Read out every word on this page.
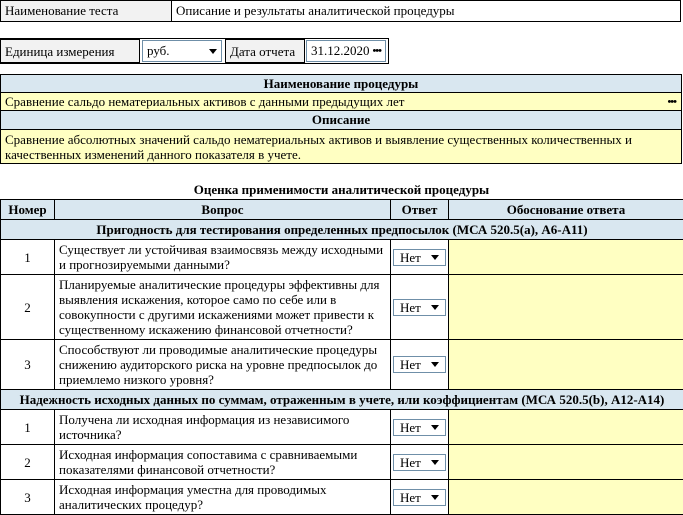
Наименование теста	Описание и результаты аналитической процедуры
Единица измерения	руб.	Дата отчета	31.12.2020 •••
Наименование процедуры
Сравнение сальдо нематериальных активов с данными предыдущих лет	•••
Описание
Сравнение абсолютных значений сальдо нематериальных активов и выявление существенных количественных и качественных изменений данного показателя в учете.
Оценка применимости аналитической процедуры
Номер	Вопрос	Ответ	Обоснование ответа
Пригодность для тестирования определенных предпосылок (МСА 520.5(a), А6-А11)			
1	Существует ли устойчивая взаимосвязь между исходными и прогнозируемыми данными?	Нет	

2	Планируемые аналитические процедуры эффективны для выявления искажения, которое само по себе или в совокупности с другими искажениями может привести к существенному искажению финансовой отчетности?	Нет	

3	Способствуют ли проводимые аналитические процедуры снижению аудиторского риска на уровне предпосылок до приемлемо низкого уровня?	Нет	

Надежность исходных данных по суммам, отраженным в учете, или коэффициентам (МСА 520.5(b), А12-А14)			
1	Получена ли исходная информация из независимого источника?	Нет	

2	Исходная информация сопоставима с сравниваемыми показателями финансовой отчетности?	Нет	

3	Исходная информация уместна для проводимых аналитических процедур?	Нет	
